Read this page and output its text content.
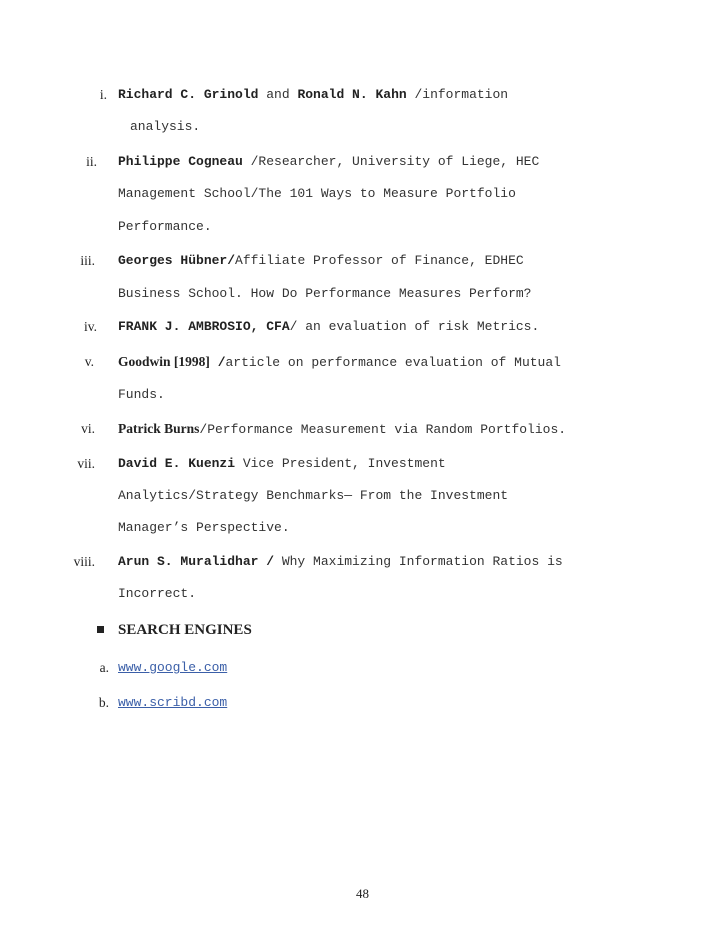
i. Richard C. Grinold and Ronald N. Kahn /information
analysis.
ii. Philippe Cogneau /Researcher, University of Liege, HEC
Management School/The 101 Ways to Measure Portfolio
Performance.
iii. Georges Hübner/Affiliate Professor of Finance, EDHEC
Business School. How Do Performance Measures Perform?
iv. FRANK J. AMBROSIO, CFA/ an evaluation of risk Metrics.
v. Goodwin [1998] /article on performance evaluation of Mutual
Funds.
vi. Patrick Burns/Performance Measurement via Random Portfolios.
vii. David E. Kuenzi Vice President, Investment
Analytics/Strategy Benchmarks— From the Investment
Manager’s Perspective.
viii. Arun S. Muralidhar / Why Maximizing Information Ratios is
Incorrect.
SEARCH ENGINES
a. www.google.com
b. www.scribd.com
48
